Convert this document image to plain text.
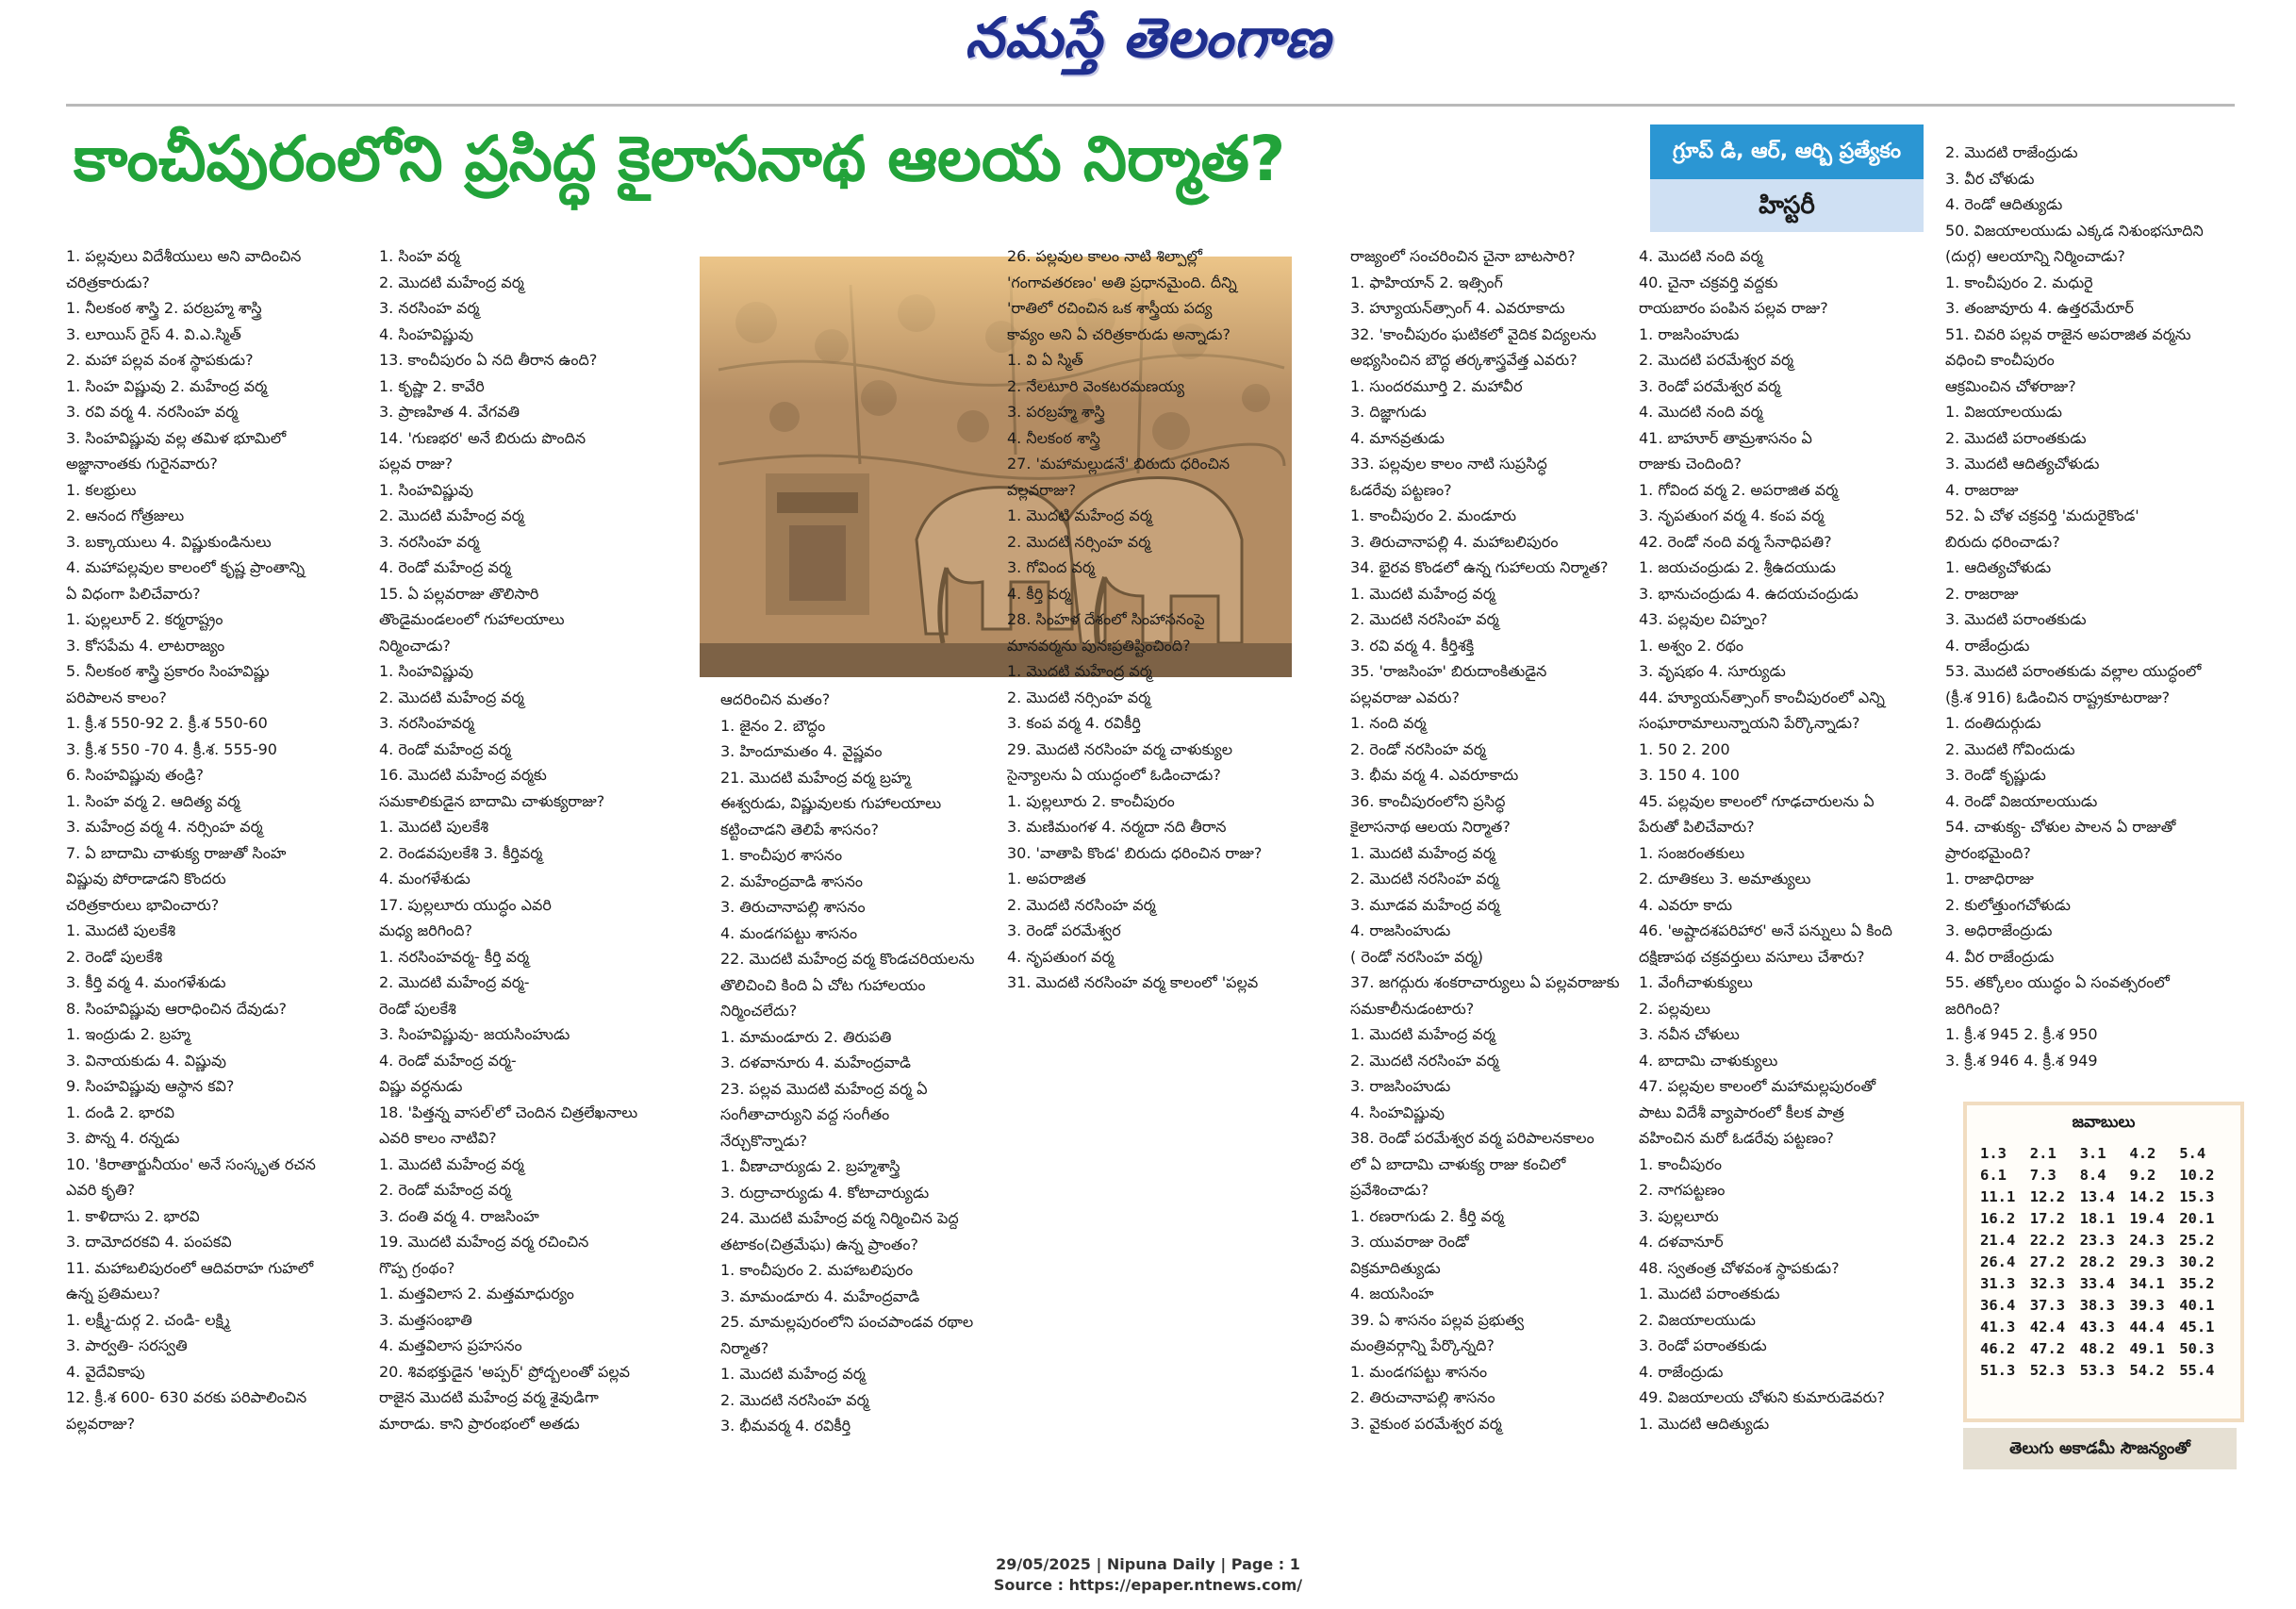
నమస్తే తెలంగాణ
కాంచీపురంలోని ప్రసిద్ధ కైలాసనాథ ఆలయ నిర్మాత?	గ్రూప్ డి, ఆర్, ఆర్బి ప్రత్యేకం
హిస్టరీ

1. పల్లవులు విదేశీయులు అని వాదించిన

చరిత్రకారుడు?

1. నీలకంఠ శాస్త్రి 2. పరబ్రహ్మ శాస్త్రి

3. లూయిస్ రైస్ 4. వి.ఎ.స్మిత్

2. మహా పల్లవ వంశ స్థాపకుడు?

1. సింహ విష్ణువు 2. మహేంద్ర వర్మ

3. రవి వర్మ 4. నరసింహ వర్మ

3. సింహవిష్ణువు వల్ల తమిళ భూమిలో

అజ్ఞానాంతకు గురైనవారు?

1. కలభ్రులు

2. ఆనంద గోత్రజులు

3. బక్కాయులు 4. విష్ణుకుండినులు

4. మహాపల్లవుల కాలంలో కృష్ణ ప్రాంతాన్ని

ఏ విధంగా పిలిచేవారు?

1. పుల్లలూర్ 2. కర్మరాష్ట్రం

3. కోసపేమ 4. లాటరాజ్యం

5. నీలకంఠ శాస్త్రి ప్రకారం సింహవిష్ణు

పరిపాలన కాలం?

1. క్రీ.శ 550-92 2. క్రీ.శ 550-60

3. క్రీ.శ 550 -70 4. క్రీ.శ. 555-90

6. సింహవిష్ణువు తండ్రి?

1. సింహ వర్మ 2. ఆదిత్య వర్మ

3. మహేంద్ర వర్మ 4. నర్సింహ వర్మ

7. ఏ బాదామి చాళుక్య రాజుతో సింహ

విష్ణువు పోరాడాడని కొందరు

చరిత్రకారులు భావించారు?

1. మొదటి పులకేశి

2. రెండో పులకేశి

3. కీర్తి వర్మ 4. మంగళేశుడు

8. సింహవిష్ణువు ఆరాధించిన దేవుడు?

1. ఇంద్రుడు 2. బ్రహ్మ

3. వినాయకుడు 4. విష్ణువు

9. సింహవిష్ణువు ఆస్థాన కవి?

1. దండి 2. భారవి

3. పొన్న 4. రన్నడు

10. 'కిరాతార్జునీయం' అనే సంస్కృత రచన

ఎవరి కృతి?

1. కాళిదాసు 2. భారవి

3. దామోదరకవి 4. పంపకవి

11. మహాబలిపురంలో ఆదివరాహ గుహలో

ఉన్న ప్రతిమలు?

1. లక్ష్మీ-దుర్గ 2. చండి- లక్ష్మి

3. పార్వతి- సరస్వతి

4. వైదేవికాపు

12. క్రీ.శ 600- 630 వరకు పరిపాలించిన

పల్లవరాజు?

1. సింహ వర్మ

2. మొదటి మహేంద్ర వర్మ

3. నరసింహ వర్మ

4. సింహవిష్ణువు

13. కాంచీపురం ఏ నది తీరాన ఉంది?

1. కృష్ణా 2. కావేరి

3. ప్రాణహిత 4. వేగవతి

14. 'గుణభర' అనే బిరుదు పొందిన

పల్లవ రాజు?

1. సింహవిష్ణువు

2. మొదటి మహేంద్ర వర్మ

3. నరసింహ వర్మ

4. రెండో మహేంద్ర వర్మ

15. ఏ పల్లవరాజు తొలిసారి

తొండైమండలంలో గుహాలయాలు

నిర్మించాడు?

1. సింహవిష్ణువు

2. మొదటి మహేంద్ర వర్మ

3. నరసింహవర్మ

4. రెండో మహేంద్ర వర్మ

16. మొదటి మహేంద్ర వర్మకు

సమకాలికుడైన బాదామి చాళుక్యరాజు?

1. మొదటి పులకేశి

2. రెండవపులకేశి 3. కీర్తివర్మ

4. మంగళేశుడు

17. పుల్లలూరు యుద్ధం ఎవరి

మధ్య జరిగింది?

1. నరసింహవర్మ- కీర్తి వర్మ

2. మొదటి మహేంద్ర వర్మ-

రెండో పులకేశి

3. సింహవిష్ణువు- జయసింహుడు

4. రెండో మహేంద్ర వర్మ-

విష్ణు వర్ధనుడు

18. 'పిత్తన్న వాసల్'లో చెందిన చిత్రలేఖనాలు

ఎవరి కాలం నాటివి?

1. మొదటి మహేంద్ర వర్మ

2. రెండో మహేంద్ర వర్మ

3. దంతి వర్మ 4. రాజసింహ

19. మొదటి మహేంద్ర వర్మ రచించిన

గొప్ప గ్రంథం?

1. మత్తవిలాస 2. మత్తమాధుర్యం

3. మత్తసంభాతి

4. మత్తవిలాస ప్రహసనం

20. శివభక్తుడైన 'అప్పర్' ప్రోద్బలంతో పల్లవ

రాజైన మొదటి మహేంద్ర వర్మ శైవుడిగా

మారాడు. కాని ప్రారంభంలో అతడు

ఆదరించిన మతం?

1. జైనం 2. బౌద్ధం

3. హిందూమతం 4. వైష్ణవం

21. మొదటి మహేంద్ర వర్మ బ్రహ్మ

ఈశ్వరుడు, విష్ణువులకు గుహాలయాలు

కట్టించాడని తెలిపే శాసనం?

1. కాంచీపుర శాసనం

2. మహేంద్రవాడి శాసనం

3. తిరుచానాపల్లి శాసనం

4. మండగపట్టు శాసనం

22. మొదటి మహేంద్ర వర్మ కొండచరియలను

తొలిచించి కింది ఏ చోట గుహాలయం

నిర్మించలేదు?

1. మామండూరు 2. తిరుపతి

3. దళవానూరు 4. మహేంద్రవాడి

23. పల్లవ మొదటి మహేంద్ర వర్మ ఏ

సంగీతాచార్యుని వద్ద సంగీతం

నేర్చుకొన్నాడు?

1. వీణాచార్యుడు 2. బ్రహ్మశాస్త్రి

3. రుద్రాచార్యుడు 4. కోటాచార్యుడు

24. మొదటి మహేంద్ర వర్మ నిర్మించిన పెద్ద

తటాకం(చిత్రమేఘ) ఉన్న ప్రాంతం?

1. కాంచీపురం 2. మహాబలిపురం

3. మామండూరు 4. మహేంద్రవాడి

25. మామల్లపురంలోని పంచపాండవ రథాల

నిర్మాత?

1. మొదటి మహేంద్ర వర్మ

2. మొదటి నరసింహ వర్మ

3. భీమవర్మ 4. రవికీర్తి

26. పల్లవుల కాలం నాటి శిల్పాల్లో

'గంగావతరణం' అతి ప్రధానమైంది. దీన్ని

'రాతిలో రచించిన ఒక శాస్త్రీయ పద్య

కావ్యం అని ఏ చరిత్రకారుడు అన్నాడు?

1. వి ఏ స్మిత్

2. నేలటూరి వెంకటరమణయ్య

3. పరబ్రహ్మ శాస్త్రి

4. నీలకంఠ శాస్త్రి

27. 'మహామల్లుడనే' బిరుదు ధరించిన

పల్లవరాజు?

1. మొదటి మహేంద్ర వర్మ

2. మొదటి నర్సింహ వర్మ

3. గోవింద వర్మ

4. కీర్తి వర్మ

28. సింహళ దేశంలో సింహాసనంపై

మానవర్మను పునఃప్రతిష్టించింది?

1. మొదటి మహేంద్ర వర్మ

2. మొదటి నర్సింహ వర్మ

3. కంప వర్మ 4. రవికీర్తి

29. మొదటి నరసింహ వర్మ చాళుక్యుల

సైన్యాలను ఏ యుద్ధంలో ఓడించాడు?

1. పుల్లలూరు 2. కాంచీపురం

3. మణిమంగళ 4. నర్మదా నది తీరాన

30. 'వాతాపి కొండ' బిరుదు ధరించిన రాజు?

1. అపరాజిత

2. మొదటి నరసింహ వర్మ

3. రెండో పరమేశ్వర

4. నృపతుంగ వర్మ

31. మొదటి నరసింహ వర్మ కాలంలో 'పల్లవ

రాజ్యంలో సంచరించిన చైనా బాటసారి?

1. ఫాహియాన్ 2. ఇత్సింగ్

3. హ్యూయన్‌త్సాంగ్ 4. ఎవరూకాదు

32. 'కాంచీపురం ఘటికలో వైదిక విద్యలను

అభ్యసించిన బౌద్ధ తర్కశాస్త్రవేత్త ఎవరు?

1. సుందరమూర్తి 2. మహావీర

3. దిజ్ఞాగుడు

4. మానవ్రతుడు

33. పల్లవుల కాలం నాటి సుప్రసిద్ధ

ఓడరేవు పట్టణం?

1. కాంచీపురం 2. మండూరు

3. తిరుచానాపల్లి 4. మహాబలిపురం

34. భైరవ కొండలో ఉన్న గుహాలయ నిర్మాత?

1. మొదటి మహేంద్ర వర్మ

2. మొదటి నరసింహ వర్మ

3. రవి వర్మ 4. కీర్తిశక్తి

35. 'రాజసింహ' బిరుదాంకితుడైన

పల్లవరాజు ఎవరు?

1. నంది వర్మ

2. రెండో నరసింహ వర్మ

3. భీమ వర్మ 4. ఎవరూకాదు

36. కాంచీపురంలోని ప్రసిద్ధ

కైలాసనాథ ఆలయ నిర్మాత?

1. మొదటి మహేంద్ర వర్మ

2. మొదటి నరసింహ వర్మ

3. మూడవ మహేంద్ర వర్మ

4. రాజసింహుడు

( రెండో నరసింహ వర్మ)

37. జగద్గురు శంకరాచార్యులు ఏ పల్లవరాజుకు

సమకాలీనుడంటారు?

1. మొదటి మహేంద్ర వర్మ

2. మొదటి నరసింహ వర్మ

3. రాజసింహుడు

4. సింహవిష్ణువు

38. రెండో పరమేశ్వర వర్మ పరిపాలనకాలం

లో ఏ బాదామి చాళుక్య రాజు కంచిలో

ప్రవేశించాడు?

1. రణరాగుడు 2. కీర్తి వర్మ

3. యువరాజు రెండో

విక్రమాదిత్యుడు

4. జయసింహ

39. ఏ శాసనం పల్లవ ప్రభుత్వ

మంత్రివర్గాన్ని పేర్కొన్నది?

1. మండగపట్టు శాసనం

2. తిరుచానాపల్లి శాసనం

3. వైకుంఠ పరమేశ్వర వర్మ

4. మొదటి నంది వర్మ

40. చైనా చక్రవర్తి వద్దకు

రాయబారం పంపిన పల్లవ రాజు?

1. రాజసింహుడు

2. మొదటి పరమేశ్వర వర్మ

3. రెండో పరమేశ్వర వర్మ

4. మొదటి నంది వర్మ

41. బాహూర్ తామ్రశాసనం ఏ

రాజుకు చెందింది?

1. గోవింద వర్మ 2. అపరాజిత వర్మ

3. నృపతుంగ వర్మ 4. కంప వర్మ

42. రెండో నంది వర్మ సేనాధిపతి?

1. జయచంద్రుడు 2. శ్రీఉదయుడు

3. భానుచంద్రుడు 4. ఉదయచంద్రుడు

43. పల్లవుల చిహ్నం?

1. అశ్వం 2. రథం

3. వృషభం 4. సూర్యుడు

44. హ్యూయన్‌త్సాంగ్ కాంచీపురంలో ఎన్ని

సంఘారామాలున్నాయని పేర్కొన్నాడు?

1. 50 2. 200

3. 150 4. 100

45. పల్లవుల కాలంలో గూఢచారులను ఏ

పేరుతో పిలిచేవారు?

1. సంజరంతకులు

2. దూతికలు 3. అమాత్యులు

4. ఎవరూ కాదు

46. 'అష్టాదశపరిహార' అనే పన్నులు ఏ కింది

దక్షిణాపథ చక్రవర్తులు వసూలు చేశారు?

1. వేంగీచాళుక్యులు

2. పల్లవులు

3. నవీన చోళులు

4. బాదామి చాళుక్యులు

47. పల్లవుల కాలంలో మహామల్లపురంతో

పాటు విదేశీ వ్యాపారంలో కీలక పాత్ర

వహించిన మరో ఓడరేవు పట్టణం?

1. కాంచీపురం

2. నాగపట్టణం

3. పుల్లలూరు

4. దళవానూర్

48. స్వతంత్ర చోళవంశ స్థాపకుడు?

1. మొదటి పరాంతకుడు

2. విజయాలయుడు

3. రెండో పరాంతకుడు

4. రాజేంద్రుడు

49. విజయాలయ చోళుని కుమారుడెవరు?

1. మొదటి ఆదిత్యుడు

2. మొదటి రాజేంద్రుడు

3. వీర చోళుడు

4. రెండో ఆదిత్యుడు

50. విజయాలయుడు ఎక్కడ నిశుంభసూదిని

(దుర్గ) ఆలయాన్ని నిర్మించాడు?

1. కాంచీపురం 2. మధురై

3. తంజావూరు 4. ఉత్తరమేరూర్

51. చివరి పల్లవ రాజైన అపరాజిత వర్మను

వధించి కాంచీపురం

ఆక్రమించిన చోళరాజు?

1. విజయాలయుడు

2. మొదటి పరాంతకుడు

3. మొదటి ఆదిత్యచోళుడు

4. రాజరాజు

52. ఏ చోళ చక్రవర్తి 'మదురైకొండ'

బిరుదు ధరించాడు?

1. ఆదిత్యచోళుడు

2. రాజరాజు

3. మొదటి పరాంతకుడు

4. రాజేంద్రుడు

53. మొదటి పరాంతకుడు వల్లాల యుద్ధంలో

(క్రీ.శ 916) ఓడించిన రాష్ట్రకూటరాజు?

1. దంతిదుర్గుడు

2. మొదటి గోవిందుడు

3. రెండో కృష్ణుడు

4. రెండో విజయాలయుడు

54. చాళుక్య- చోళుల పాలన ఏ రాజుతో

ప్రారంభమైంది?

1. రాజాధిరాజు

2. కులోత్తుంగచోళుడు

3. అధిరాజేంద్రుడు

4. వీర రాజేంద్రుడు

55. తక్కోలం యుద్ధం ఏ సంవత్సరంలో

జరిగింది?

1. క్రీ.శ 945 2. క్రీ.శ 950

3. క్రీ.శ 946 4. క్రీ.శ 949

జవాబులు
1.3	2.1	3.1	4.2	5.4
6.1	7.3	8.4	9.2	10.2
11.1 12.2 13.4 14.2 15.3
16.2 17.2 18.1 19.4 20.1
21.4 22.2 23.3 24.3 25.2
26.4 27.2 28.2 29.3 30.2
31.3 32.3 33.4 34.1 35.2
36.4 37.3 38.3 39.3 40.1
41.3 42.4 43.3 44.4 45.1
46.2 47.2 48.2 49.1 50.3
51.3 52.3 53.3 54.2 55.4
తెలుగు అకాడమీ సౌజన్యంతో
29/05/2025 | Nipuna Daily | Page : 1
Source : https://epaper.ntnews.com/
